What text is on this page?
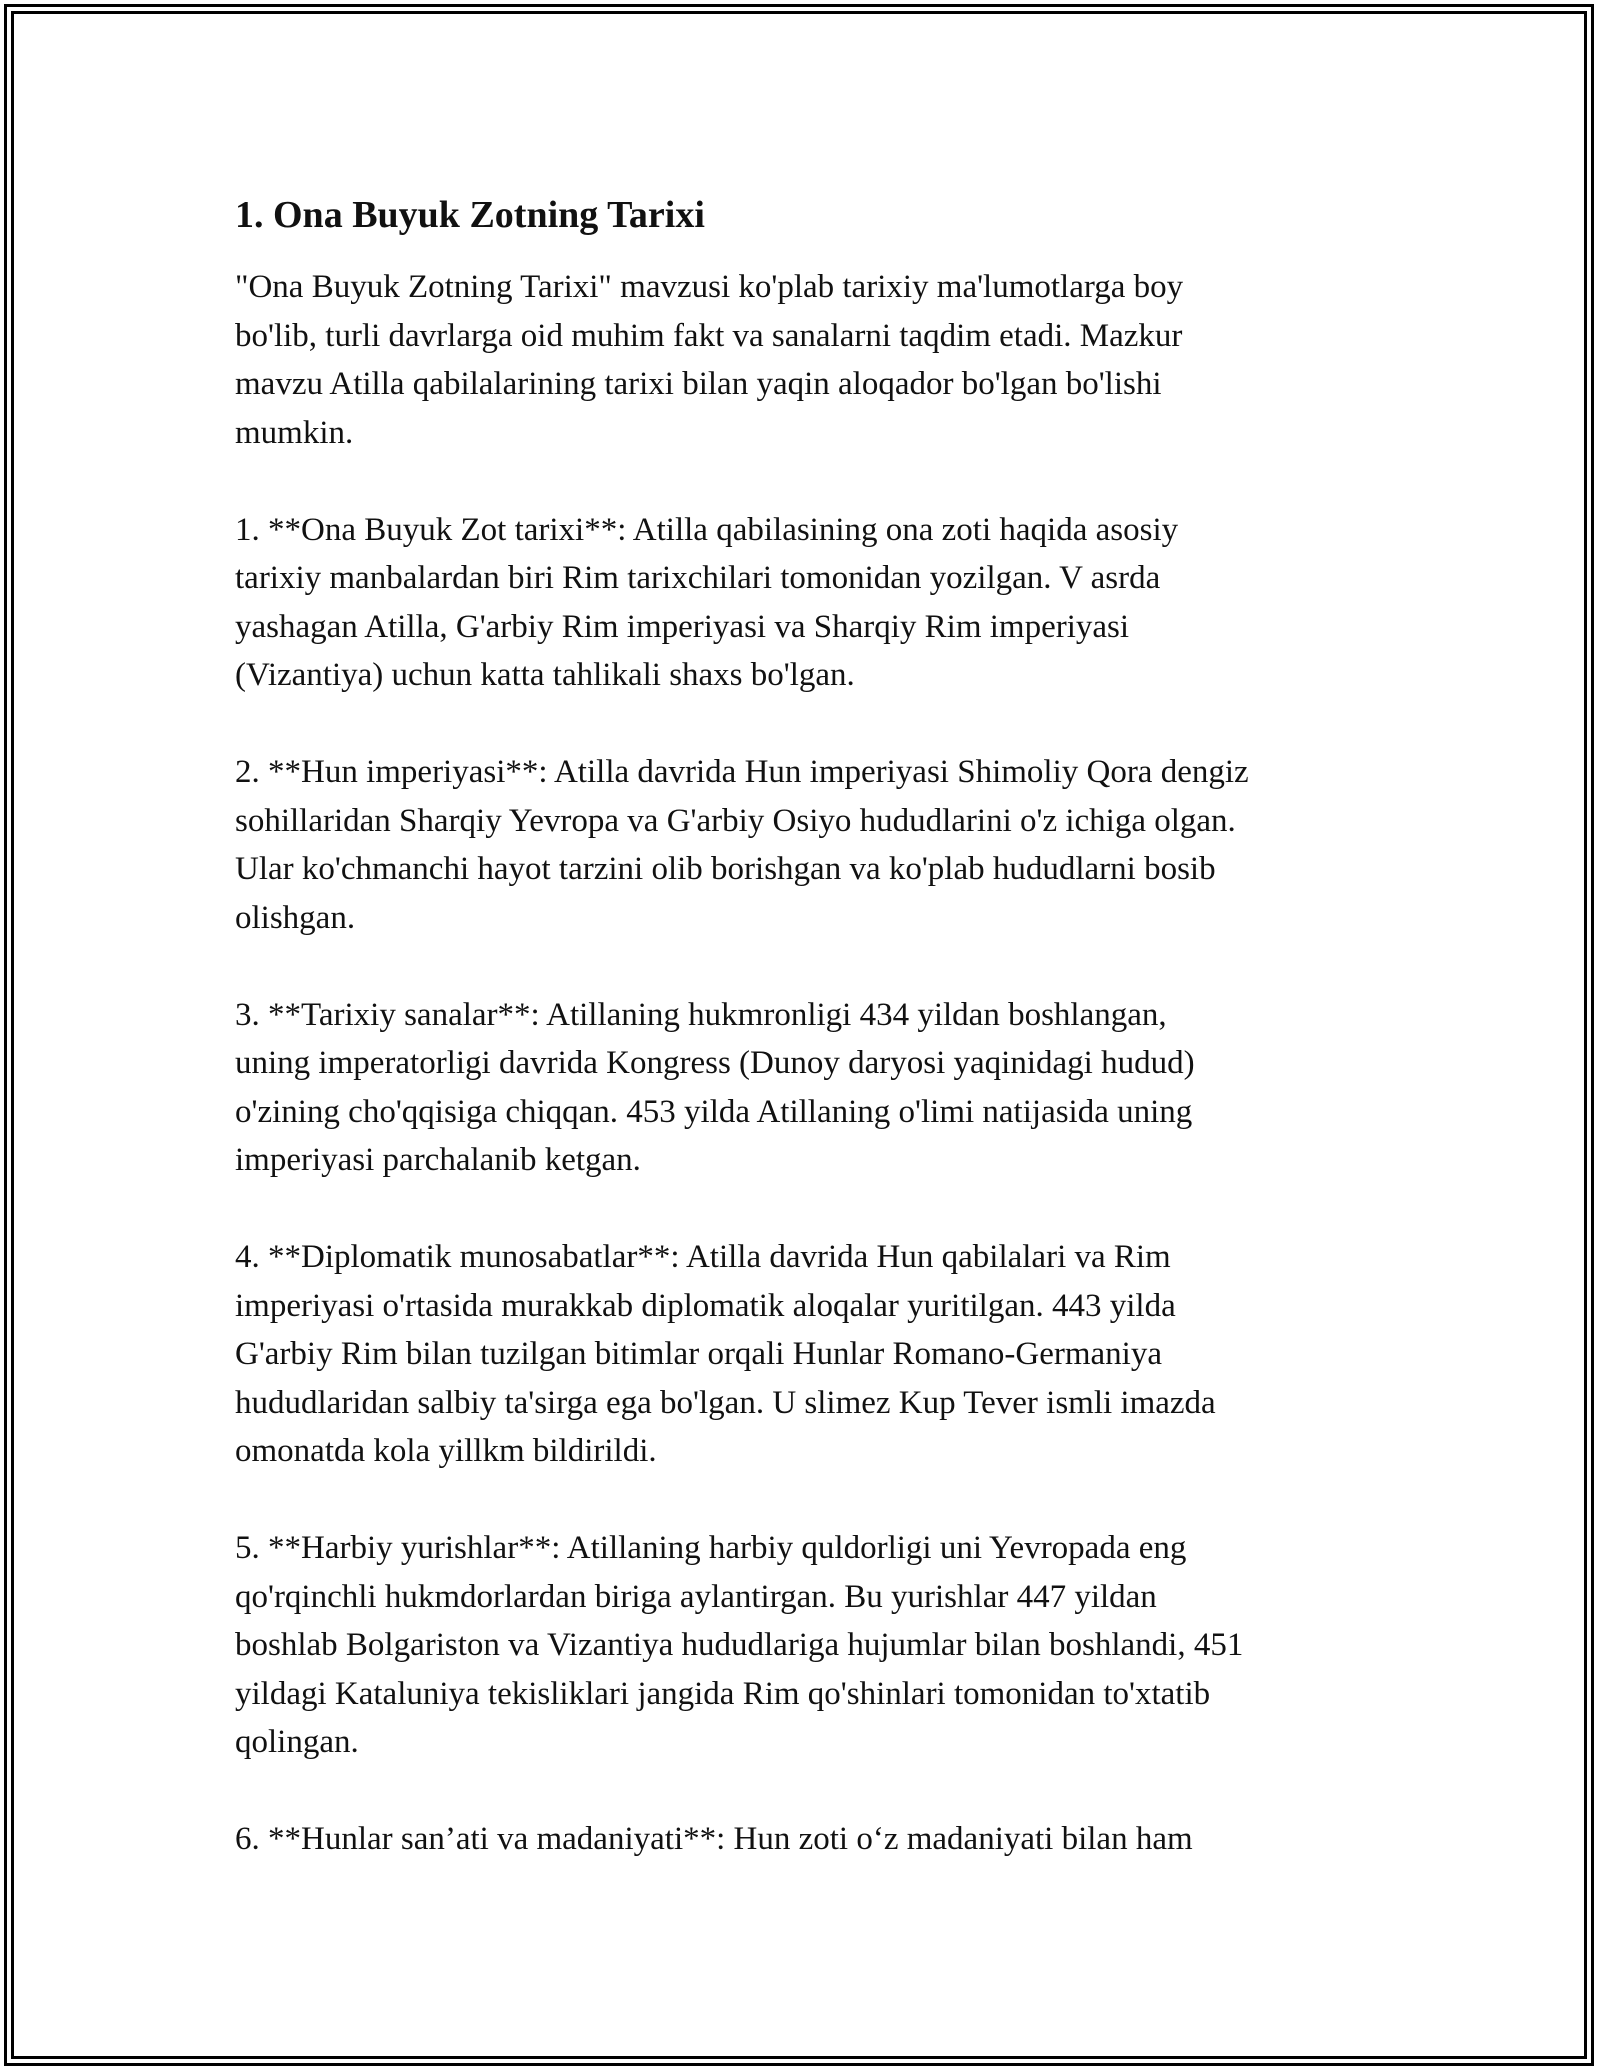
1. Ona Buyuk Zotning Tarixi

"Ona Buyuk Zotning Tarixi" mavzusi ko'plab tarixiy ma'lumotlarga boy
bo'lib, turli davrlarga oid muhim fakt va sanalarni taqdim etadi. Mazkur
mavzu Atilla qabilalarining tarixi bilan yaqin aloqador bo'lgan bo'lishi
mumkin.

1. **Ona Buyuk Zot tarixi**: Atilla qabilasining ona zoti haqida asosiy
tarixiy manbalardan biri Rim tarixchilari tomonidan yozilgan. V asrda
yashagan Atilla, G'arbiy Rim imperiyasi va Sharqiy Rim imperiyasi
(Vizantiya) uchun katta tahlikali shaxs bo'lgan.

2. **Hun imperiyasi**: Atilla davrida Hun imperiyasi Shimoliy Qora dengiz
sohillaridan Sharqiy Yevropa va G'arbiy Osiyo hududlarini o'z ichiga olgan.
Ular ko'chmanchi hayot tarzini olib borishgan va ko'plab hududlarni bosib
olishgan.

3. **Tarixiy sanalar**: Atillaning hukmronligi 434 yildan boshlangan,
uning imperatorligi davrida Kongress (Dunoy daryosi yaqinidagi hudud)
o'zining cho'qqisiga chiqqan. 453 yilda Atillaning o'limi natijasida uning
imperiyasi parchalanib ketgan.

4. **Diplomatik munosabatlar**: Atilla davrida Hun qabilalari va Rim
imperiyasi o'rtasida murakkab diplomatik aloqalar yuritilgan. 443 yilda
G'arbiy Rim bilan tuzilgan bitimlar orqali Hunlar Romano-Germaniya
hududlaridan salbiy ta'sirga ega bo'lgan. U slimez Kup Tever ismli imazda
omonatda kola yillkm bildirildi.

5. **Harbiy yurishlar**: Atillaning harbiy quldorligi uni Yevropada eng
qo'rqinchli hukmdorlardan biriga aylantirgan. Bu yurishlar 447 yildan
boshlab Bolgariston va Vizantiya hududlariga hujumlar bilan boshlandi, 451
yildagi Kataluniya tekisliklari jangida Rim qo'shinlari tomonidan to'xtatib
qolingan.

6. **Hunlar san’ati va madaniyati**: Hun zoti o‘z madaniyati bilan ham
